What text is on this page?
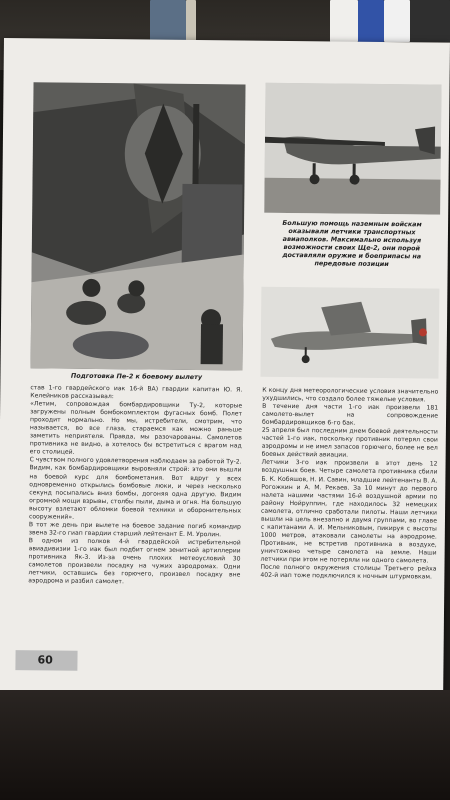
Подготовка Пе-2 к боевому вылету
Большую помощь наземным войскам оказывали летчики транспортных авиаполков. Максимально используя возможности своих Ще-2, они порой доставляли оружие и боеприпасы на передовые позиции
став 1-го гвардейского иак 16-й ВА) гвардии капитан Ю. Я. Келейников рассказывал:
«Летим, сопровождая бомбардировщики Ту-2, которые загружены полным бомбокомплектом фугасных бомб. Полет проходит нормально. Но мы, истребители, смотрим, что называется, во все глаза, стараемся как можно раньше заметить неприятеля. Правда, мы разочарованы. Самолетов противника не видно, а хотелось бы встретиться с врагом над его столицей.
С чувством полного удовлетворения наблюдаем за работой Ту-2. Видим, как бомбардировщики выровняли строй: это они вышли на боевой курс для бомбометания. Вот вдруг у всех одновременно открылись бомбовые люки, и через несколько секунд посыпались вниз бомбы, догоняя одна другую. Видим огромной мощи взрывы, столбы пыли, дыма и огня. На большую высоту взлетают обломки боевой техники и оборонительных сооружений».
В тот же день при вылете на боевое задание погиб командир звена 32-го гиап гвардии старший лейтенант Е. М. Уролин.
В одном из полков 4-й гвардейской истребительной авиадивизии 1-го иак был подбит огнем зенитной артиллерии противника Як-3. Из-за очень плохих метеоусловий 30 самолетов произвели посадку на чужих аэродромах. Одни летчики, оставшись без горючего, произвел посадку вне аэродрома и разбил самолет.
К концу дня метеорологические условия значительно ухудшились, что создало более тяжелые условия.
В течение дня части 1-го иак произвели 181 самолето-вылет на сопровождение бомбардировщиков 6-го бак.
25 апреля был последним днем боевой деятельности частей 1-го иак, поскольку противник потерял свои аэродромы и не имел запасов горючего, более не вел боевых действий авиации.
Летчики 3-го иак произвели в этот день 12 воздушных боев. Четыре самолета противника сбили Б. К. Кобяшов, Н. И. Савин, младшие лейтенанты В. А. Рогожкин и А. М. Рекаев. За 10 минут до первого налета нашими частями 16-й воздушной армии по району Нойруппин, где находилось 32 немецких самолета, отлично сработали пилоты. Наши летчики вышли на цель внезапно и двумя группами, во главе с капитанами А. И. Мельниковым, пикируя с высоты 1000 метров, атаковали самолеты на аэродроме. Противник, не встретив противника в воздухе, уничтожено четыре самолета на земле. Наши летчики при этом не потеряли ни одного самолета.
После полного окружения столицы Третьего рейха 402-й иап тоже подключился к ночным штурмовкам.
60
